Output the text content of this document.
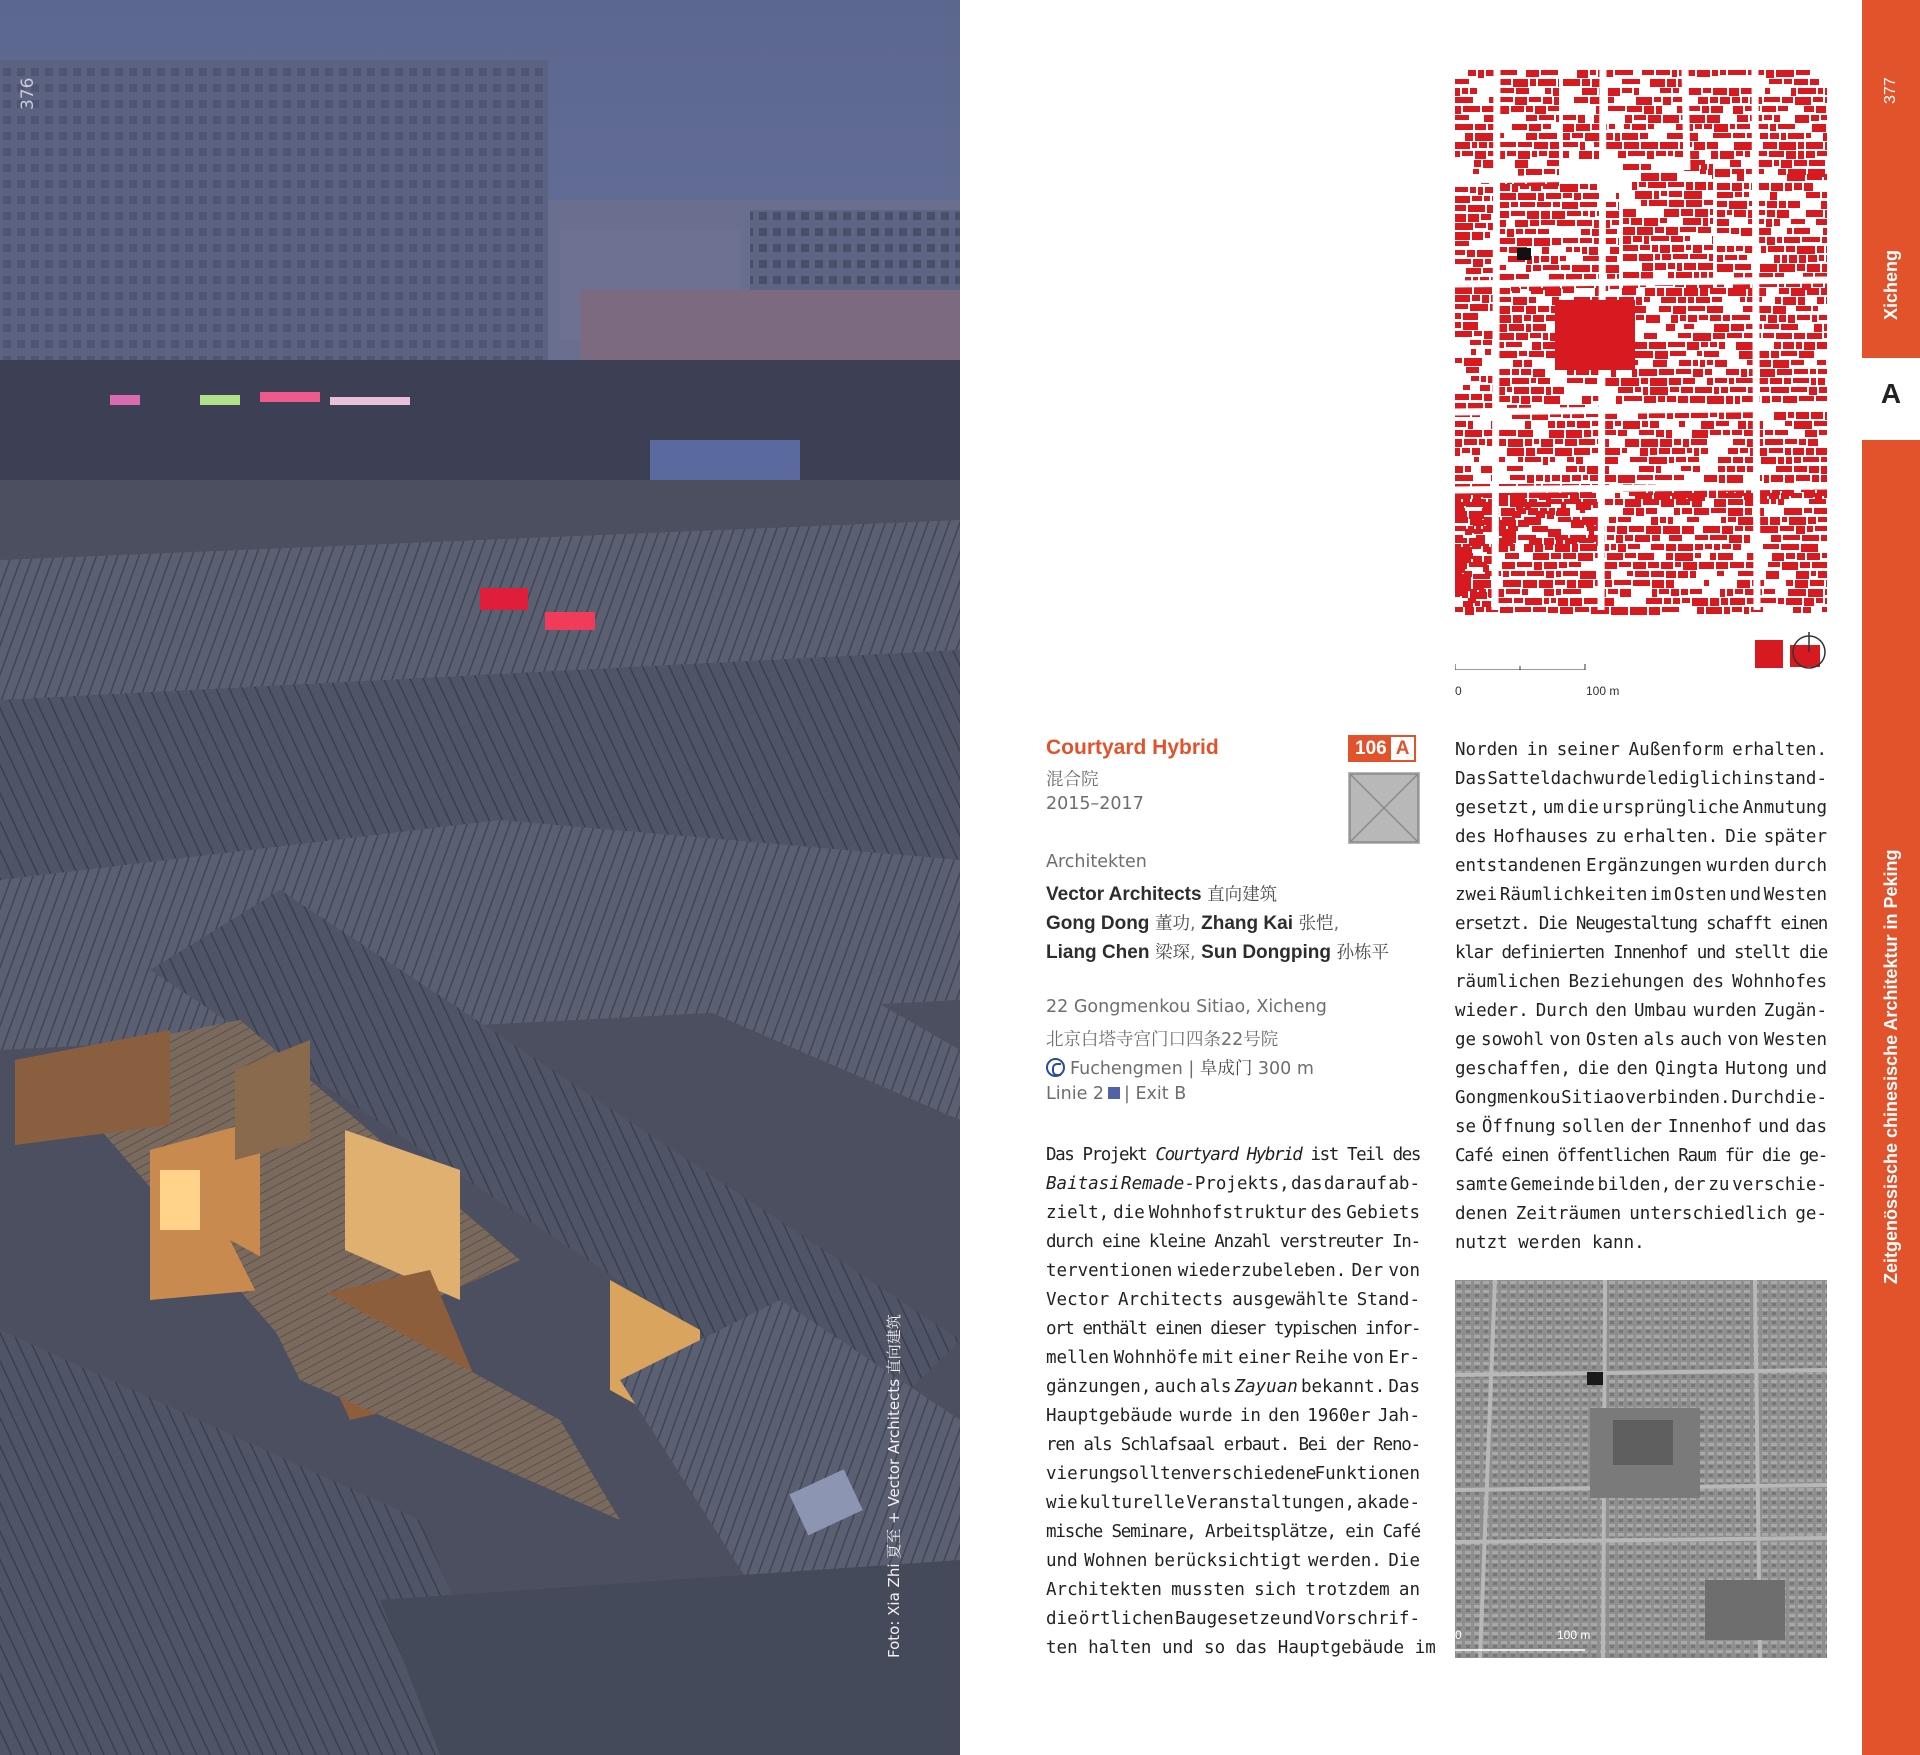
376
Foto: Xia Zhi 夏至 + Vector Architects 直向建筑
377
Xicheng
A
Zeitgenössische chinesische Architektur in Peking
0	100 m
Courtyard Hybrid	106 A
混合院
2015–2017
Architekten
Vector Architects 直向建筑
Gong Dong 董功, Zhang Kai 张恺,
Liang Chen 梁琛, Sun Dongping 孙栋平
22 Gongmenkou Sitiao, Xicheng
北京白塔寺宫门口四条22号院
Fuchengmen | 阜成门 300 m
Linie 2 | Exit B

Das Projekt Courtyard Hybrid ist Teil des

Baitasi Remade-Projekts, das darauf ab-

zielt, die Wohnhofstruktur des Gebiets

durch eine kleine Anzahl verstreuter In-

terventionen wiederzubeleben. Der von

Vector Architects ausgewählte Stand-

ort enthält einen dieser typischen infor-

mellen Wohnhöfe mit einer Reihe von Er-

gänzungen, auch als Zayuan bekannt. Das

Hauptgebäude wurde in den 1960er Jah-

ren als Schlafsaal erbaut. Bei der Reno-

vierung sollten verschiedene Funktionen

wie kulturelle Veranstaltungen, akade-

mische Seminare, Arbeitsplätze, ein Café

und Wohnen berücksichtigt werden. Die

Architekten mussten sich trotzdem an

die örtlichen Baugesetze und Vorschrif-

ten halten und so das Hauptgebäude im

Norden in seiner Außenform erhalten.

Das Satteldach wurde lediglich instand-

gesetzt, um die ursprüngliche Anmutung

des Hofhauses zu erhalten. Die später

entstandenen Ergänzungen wurden durch

zwei Räumlichkeiten im Osten und Westen

ersetzt. Die Neugestaltung schafft einen

klar definierten Innenhof und stellt die

räumlichen Beziehungen des Wohnhofes

wieder. Durch den Umbau wurden Zugän-

ge sowohl von Osten als auch von Westen

geschaffen, die den Qingta Hutong und

Gongmenkou Sitiao verbinden. Durch die-

se Öffnung sollen der Innenhof und das

Café einen öffentlichen Raum für die ge-

samte Gemeinde bilden, der zu verschie-

denen Zeiträumen unterschiedlich ge-

nutzt werden kann.

0	100 m
